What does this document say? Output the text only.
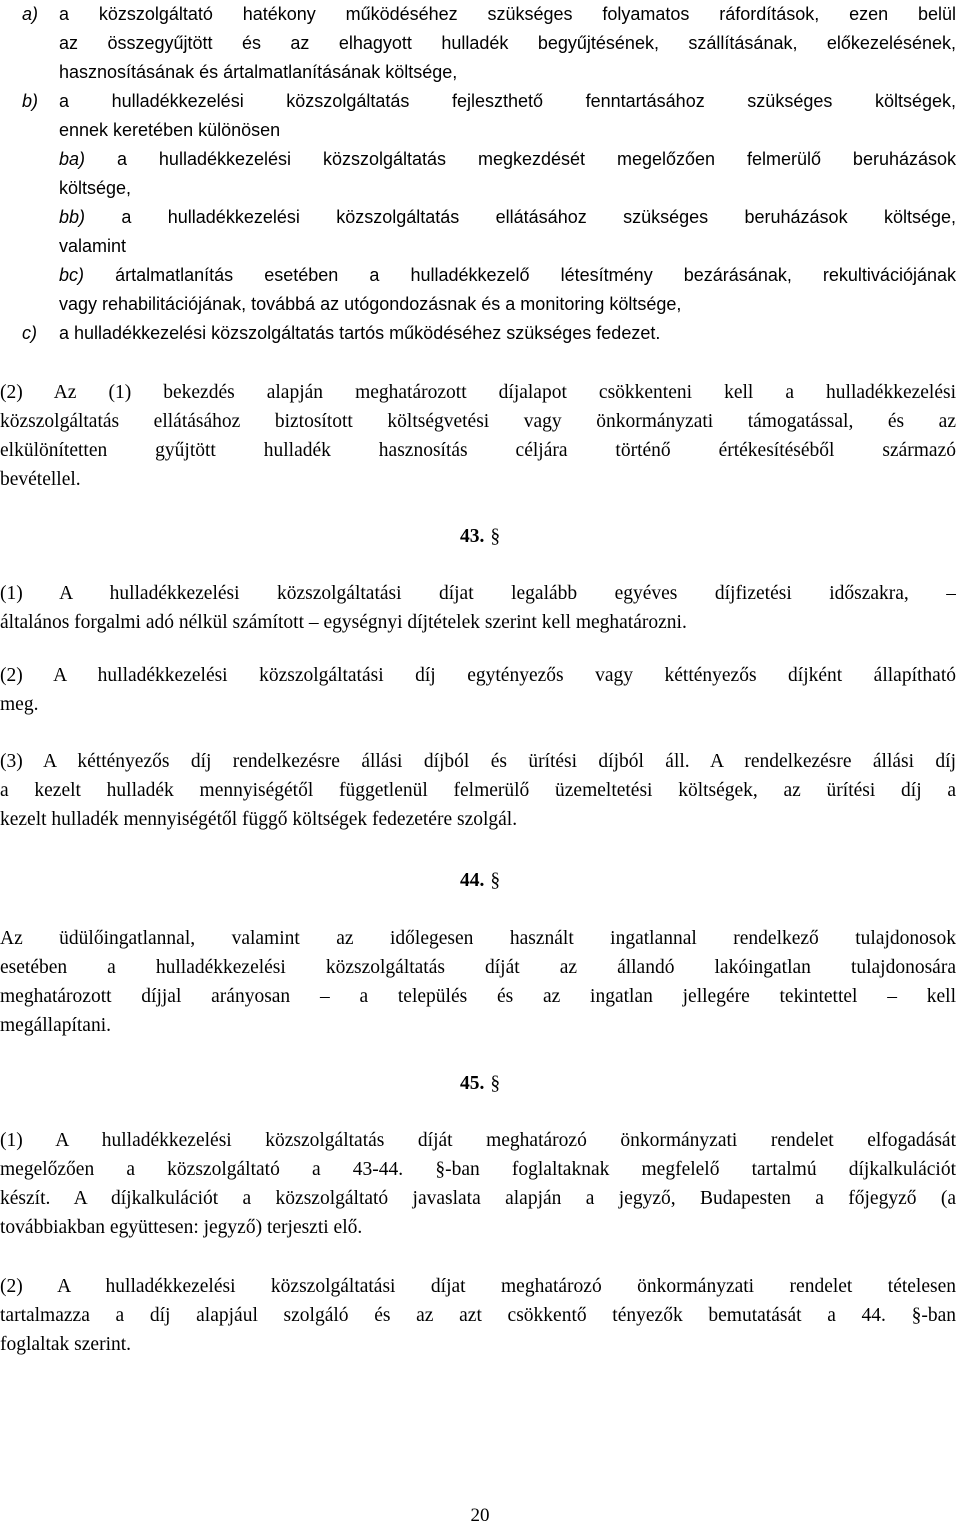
a) a közszolgáltató hatékony működéséhez szükséges folyamatos ráfordítások, ezen belül
az összegyűjtött és az elhagyott hulladék begyűjtésének, szállításának, előkezelésének,
hasznosításának és ártalmatlanításának költsége,
b) a hulladékkezelési közszolgáltatás fejleszthető fenntartásához szükséges költségek,
ennek keretében különösen
ba) a hulladékkezelési közszolgáltatás megkezdését megelőzően felmerülő beruházások
költsége,
bb) a hulladékkezelési közszolgáltatás ellátásához szükséges beruházások költsége,
valamint
bc) ártalmatlanítás esetében a hulladékkezelő létesítmény bezárásának, rekultivációjának
vagy rehabilitációjának, továbbá az utógondozásnak és a monitoring költsége,
c) a hulladékkezelési közszolgáltatás tartós működéséhez szükséges fedezet.
(2) Az (1) bekezdés alapján meghatározott díjalapot csökkenteni kell a hulladékkezelési
közszolgáltatás ellátásához biztosított költségvetési vagy önkormányzati támogatással, és az
elkülönítetten gyűjtött hulladék hasznosítás céljára történő értékesítéséből származó
bevétellel.
43. §
(1) A hulladékkezelési közszolgáltatási díjat legalább egyéves díjfizetési időszakra, –
általános forgalmi adó nélkül számított – egységnyi díjtételek szerint kell meghatározni.
(2) A hulladékkezelési közszolgáltatási díj egytényezős vagy kéttényezős díjként állapítható
meg.
(3) A kéttényezős díj rendelkezésre állási díjból és ürítési díjból áll. A rendelkezésre állási díj
a kezelt hulladék mennyiségétől függetlenül felmerülő üzemeltetési költségek, az ürítési díj a
kezelt hulladék mennyiségétől függő költségek fedezetére szolgál.
44. §
Az üdülőingatlannal, valamint az időlegesen használt ingatlannal rendelkező tulajdonosok
esetében a hulladékkezelési közszolgáltatás díját az állandó lakóingatlan tulajdonosára
meghatározott díjjal arányosan – a település és az ingatlan jellegére tekintettel – kell
megállapítani.
45. §
(1) A hulladékkezelési közszolgáltatás díját meghatározó önkormányzati rendelet elfogadását
megelőzően a közszolgáltató a 43-44. §-ban foglaltaknak megfelelő tartalmú díjkalkulációt
készít. A díjkalkulációt a közszolgáltató javaslata alapján a jegyző, Budapesten a főjegyző (a
továbbiakban együttesen: jegyző) terjeszti elő.
(2) A hulladékkezelési közszolgáltatási díjat meghatározó önkormányzati rendelet tételesen
tartalmazza a díj alapjául szolgáló és az azt csökkentő tényezők bemutatását a 44. §-ban
foglaltak szerint.
20
